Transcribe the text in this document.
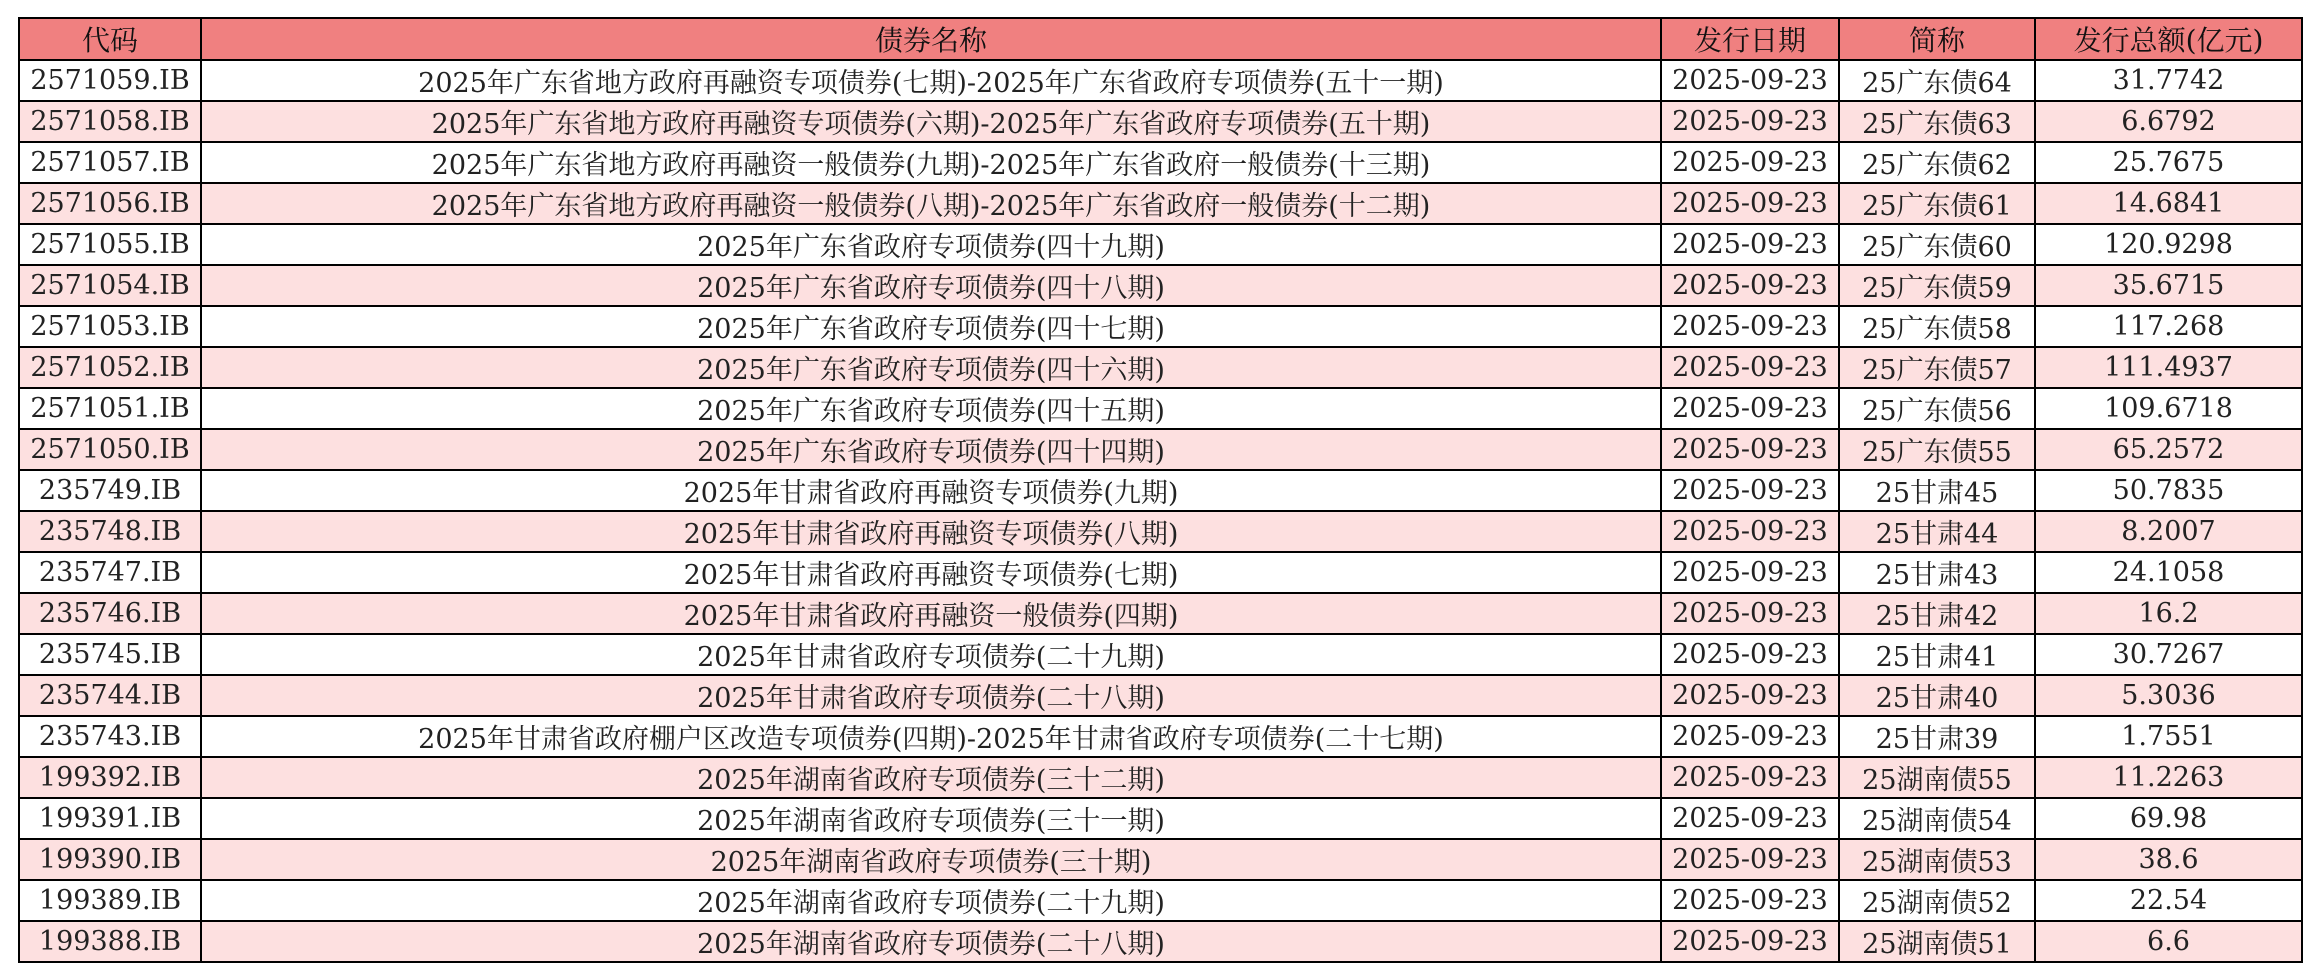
代码	债券名称	发行日期	简称	发行总额(亿元)
2571059.IB	2025年广东省地方政府再融资专项债券(七期)-2025年广东省政府专项债券(五十一期)	2025-09-23	25广东债64	31.7742
2571058.IB	2025年广东省地方政府再融资专项债券(六期)-2025年广东省政府专项债券(五十期)	2025-09-23	25广东债63	6.6792
2571057.IB	2025年广东省地方政府再融资一般债券(九期)-2025年广东省政府一般债券(十三期)	2025-09-23	25广东债62	25.7675
2571056.IB	2025年广东省地方政府再融资一般债券(八期)-2025年广东省政府一般债券(十二期)	2025-09-23	25广东债61	14.6841
2571055.IB	2025年广东省政府专项债券(四十九期)	2025-09-23	25广东债60	120.9298
2571054.IB	2025年广东省政府专项债券(四十八期)	2025-09-23	25广东债59	35.6715
2571053.IB	2025年广东省政府专项债券(四十七期)	2025-09-23	25广东债58	117.268
2571052.IB	2025年广东省政府专项债券(四十六期)	2025-09-23	25广东债57	111.4937
2571051.IB	2025年广东省政府专项债券(四十五期)	2025-09-23	25广东债56	109.6718
2571050.IB	2025年广东省政府专项债券(四十四期)	2025-09-23	25广东债55	65.2572
235749.IB	2025年甘肃省政府再融资专项债券(九期)	2025-09-23	25甘肃45	50.7835
235748.IB	2025年甘肃省政府再融资专项债券(八期)	2025-09-23	25甘肃44	8.2007
235747.IB	2025年甘肃省政府再融资专项债券(七期)	2025-09-23	25甘肃43	24.1058
235746.IB	2025年甘肃省政府再融资一般债券(四期)	2025-09-23	25甘肃42	16.2
235745.IB	2025年甘肃省政府专项债券(二十九期)	2025-09-23	25甘肃41	30.7267
235744.IB	2025年甘肃省政府专项债券(二十八期)	2025-09-23	25甘肃40	5.3036
235743.IB	2025年甘肃省政府棚户区改造专项债券(四期)-2025年甘肃省政府专项债券(二十七期)	2025-09-23	25甘肃39	1.7551
199392.IB	2025年湖南省政府专项债券(三十二期)	2025-09-23	25湖南债55	11.2263
199391.IB	2025年湖南省政府专项债券(三十一期)	2025-09-23	25湖南债54	69.98
199390.IB	2025年湖南省政府专项债券(三十期)	2025-09-23	25湖南债53	38.6
199389.IB	2025年湖南省政府专项债券(二十九期)	2025-09-23	25湖南债52	22.54
199388.IB	2025年湖南省政府专项债券(二十八期)	2025-09-23	25湖南债51	6.6
